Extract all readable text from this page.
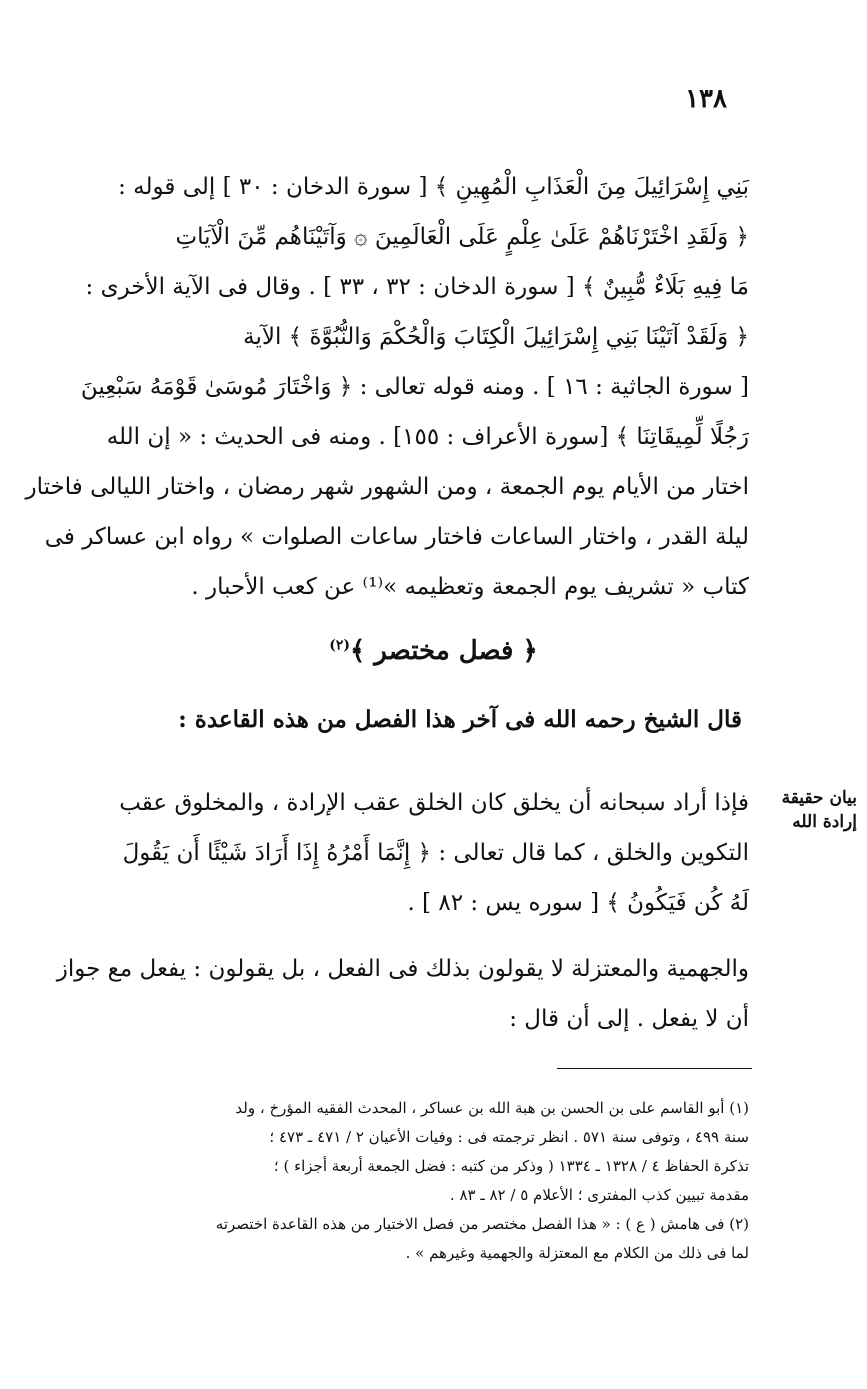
١٣٨
بَنِي إِسْرَائِيلَ مِنَ الْعَذَابِ الْمُهِينِ ﴾ [ سورة الدخان : ٣٠ ] إلى قوله :
﴿ وَلَقَدِ اخْتَرْنَاهُمْ عَلَىٰ عِلْمٍ عَلَى الْعَالَمِينَ ۞ وَآتَيْنَاهُم مِّنَ الْآيَاتِ
مَا فِيهِ بَلَاءٌ مُّبِينٌ ﴾ [ سورة الدخان : ٣٢ ، ٣٣ ] . وقال فى الآية الأخرى :
﴿ وَلَقَدْ آتَيْنَا بَنِي إِسْرَائِيلَ الْكِتَابَ وَالْحُكْمَ وَالنُّبُوَّةَ ﴾ الآية
[ سورة الجاثية : ١٦ ] . ومنه قوله تعالى : ﴿ وَاخْتَارَ مُوسَىٰ قَوْمَهُ سَبْعِينَ
رَجُلًا لِّمِيقَاتِنَا ﴾ [سورة الأعراف : ١٥٥] . ومنه فى الحديث : « إن الله
اختار من الأيام يوم الجمعة ، ومن الشهور شهر رمضان ، واختار الليالى فاختار
ليلة القدر ، واختار الساعات فاختار ساعات الصلوات » رواه ابن عساكر فى
كتاب « تشريف يوم الجمعة وتعظيمه »⁽¹⁾ عن كعب الأحبار .
﴿ فصل مختصر ﴾$^{(٢)}$
قال الشيخ رحمه الله فى آخر هذا الفصل من هذه القاعدة :
بيان حقيقة
إرادة الله
فإذا أراد سبحانه أن يخلق كان الخلق عقب الإرادة ، والمخلوق عقب
التكوين والخلق ، كما قال تعالى : ﴿ إِنَّمَا أَمْرُهُ إِذَا أَرَادَ شَيْئًا أَن يَقُولَ
لَهُ كُن فَيَكُونُ ﴾ [ سوره يس : ٨٢ ] .
والجهمية والمعتزلة لا يقولون بذلك فى الفعل ، بل يقولون : يفعل مع جواز
أن لا يفعل . إلى أن قال :
(١) أبو القاسم على بن الحسن بن هبة الله بن عساكر ، المحدث الفقيه المؤرخ ، ولد
سنة ٤٩٩ ، وتوفى سنة ٥٧١ . انظر ترجمته فى : وفيات الأعيان ٢ / ٤٧١ ـ ٤٧٣ ؛
تذكرة الحفاظ ٤ / ١٣٢٨ ـ ١٣٣٤ ( وذكر من كتبه : فضل الجمعة أربعة أجزاء ) ؛
مقدمة تبيين كذب المفترى ؛ الأعلام ٥ / ٨٢ ـ ٨٣ .
(٢) فى هامش ( ع ) : « هذا الفصل مختصر من فصل الاختيار من هذه القاعدة اختصرته
لما فى ذلك من الكلام مع المعتزلة والجهمية وغيرهم » .
